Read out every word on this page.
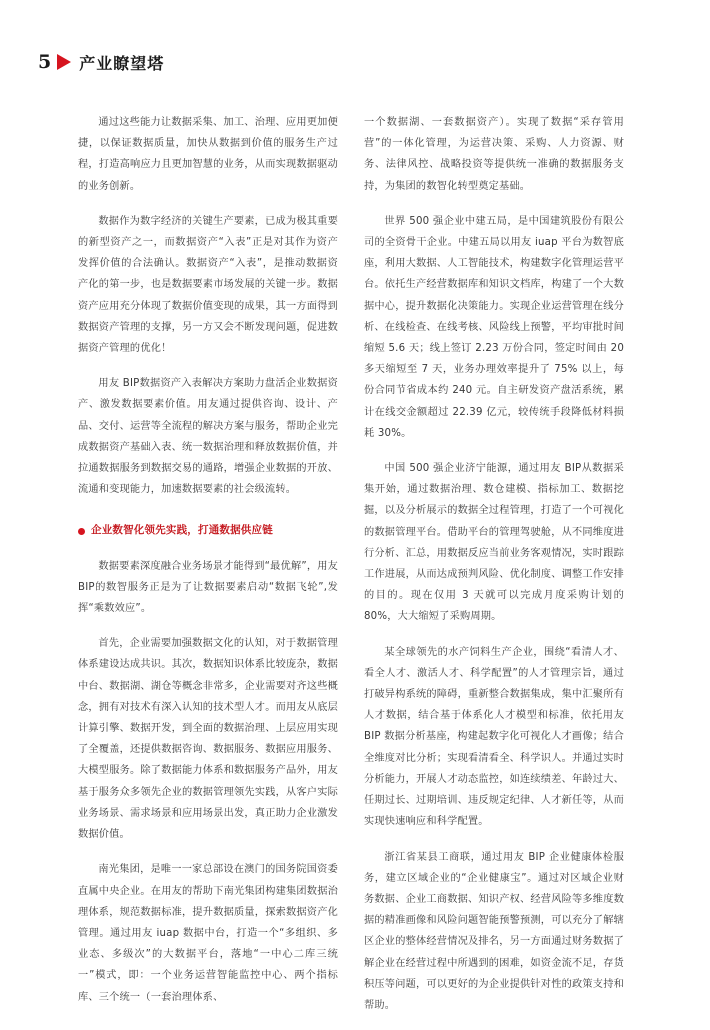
5 产业瞭望塔

通过这些能力让数据采集、加工、治理、应用更加便捷，以保证数据质量，加快从数据到价值的服务生产过程，打造高响应力且更加智慧的业务，从而实现数据驱动的业务创新。

数据作为数字经济的关键生产要素，已成为极其重要的新型资产之一，而数据资产“入表”正是对其作为资产发挥价值的合法确认。数据资产“入表”，是推动数据资产化的第一步，也是数据要素市场发展的关键一步。数据资产应用充分体现了数据价值变现的成果，其一方面得到数据资产管理的支撑，另一方又会不断发现问题，促进数据资产管理的优化！

用友 BIP数据资产入表解决方案助力盘活企业数据资产、激发数据要素价值。用友通过提供咨询、设计、产品、交付、运营等全流程的解决方案与服务，帮助企业完成数据资产基础入表、统一数据治理和释放数据价值，并拉通数据服务到数据交易的通路，增强企业数据的开放、流通和变现能力，加速数据要素的社会级流转。

企业数智化领先实践，打通数据供应链

数据要素深度融合业务场景才能得到“最优解”，用友BIP的数智服务正是为了让数据要素启动“数据飞轮”,发挥“乘数效应”。

首先，企业需要加强数据文化的认知，对于数据管理体系建设达成共识。其次，数据知识体系比较庞杂，数据中台、数据湖、湖仓等概念非常多，企业需要对齐这些概念，拥有对技术有深入认知的技术型人才。而用友从底层计算引擎、数据开发，到全面的数据治理、上层应用实现了全覆盖，还提供数据咨询、数据服务、数据应用服务、大模型服务。除了数据能力体系和数据服务产品外，用友基于服务众多领先企业的数据管理领先实践，从客户实际业务场景、需求场景和应用场景出发，真正助力企业激发数据价值。

南光集团，是唯一一家总部设在澳门的国务院国资委直属中央企业。在用友的帮助下南光集团构建集团数据治理体系，规范数据标准，提升数据质量，探索数据资产化管理。通过用友 iuap 数据中台，打造一个“多组织、多业态、多级次”的大数据平台，落地“一中心二库三统一”模式，即：一个业务运营智能监控中心、两个指标库、三个统一（一套治理体系、

一个数据湖、一套数据资产）。实现了数据“采存管用营”的一体化管理，为运营决策、采购、人力资源、财务、法律风控、战略投资等提供统一准确的数据服务支持，为集团的数智化转型奠定基础。

世界 500 强企业中建五局，是中国建筑股份有限公司的全资骨干企业。中建五局以用友 iuap 平台为数智底座，利用大数据、人工智能技术，构建数字化管理运营平台。依托生产经营数据库和知识文档库，构建了一个大数据中心，提升数据化决策能力。实现企业运营管理在线分析、在线检查、在线考核、风险线上预警，平均审批时间缩短 5.6 天；线上签订 2.23 万份合同，签定时间由 20 多天缩短至 7 天，业务办理效率提升了 75% 以上，每份合同节省成本约 240 元。自主研发资产盘活系统，累计在线交金额超过 22.39 亿元，较传统手段降低材料损耗 30%。

中国 500 强企业济宁能源，通过用友 BIP从数据采集开始，通过数据治理、数仓建模、指标加工、数据挖掘，以及分析展示的数据全过程管理，打造了一个可视化的数据管理平台。借助平台的管理驾驶舱，从不同维度进行分析、汇总，用数据反应当前业务客观情况，实时跟踪工作进展，从而达成预判风险、优化制度、调整工作安排的目的。现在仅用 3 天就可以完成月度采购计划的 80%，大大缩短了采购周期。

某全球领先的水产饲料生产企业，围绕“看清人才、看全人才、激活人才、科学配置”的人才管理宗旨，通过打破异构系统的障碍，重新整合数据集成，集中汇聚所有人才数据，结合基于体系化人才模型和标准，依托用友 BIP 数据分析基座，构建起数字化可视化人才画像；结合全维度对比分析；实现看清看全、科学识人。并通过实时分析能力，开展人才动态监控，如连续绩差、年龄过大、任期过长、过期培训、违反规定纪律、人才新任等，从而实现快速响应和科学配置。

浙江省某县工商联，通过用友 BIP 企业健康体检服务，建立区域企业的“企业健康宝”。通过对区域企业财务数据、企业工商数据、知识产权、经营风险等多维度数据的精准画像和风险问题智能预警预测，可以充分了解辖区企业的整体经营情况及排名，另一方面通过财务数据了解企业在经营过程中所遇到的困难，如资金流不足，存货积压等问题，可以更好的为企业提供针对性的政策支持和帮助。
